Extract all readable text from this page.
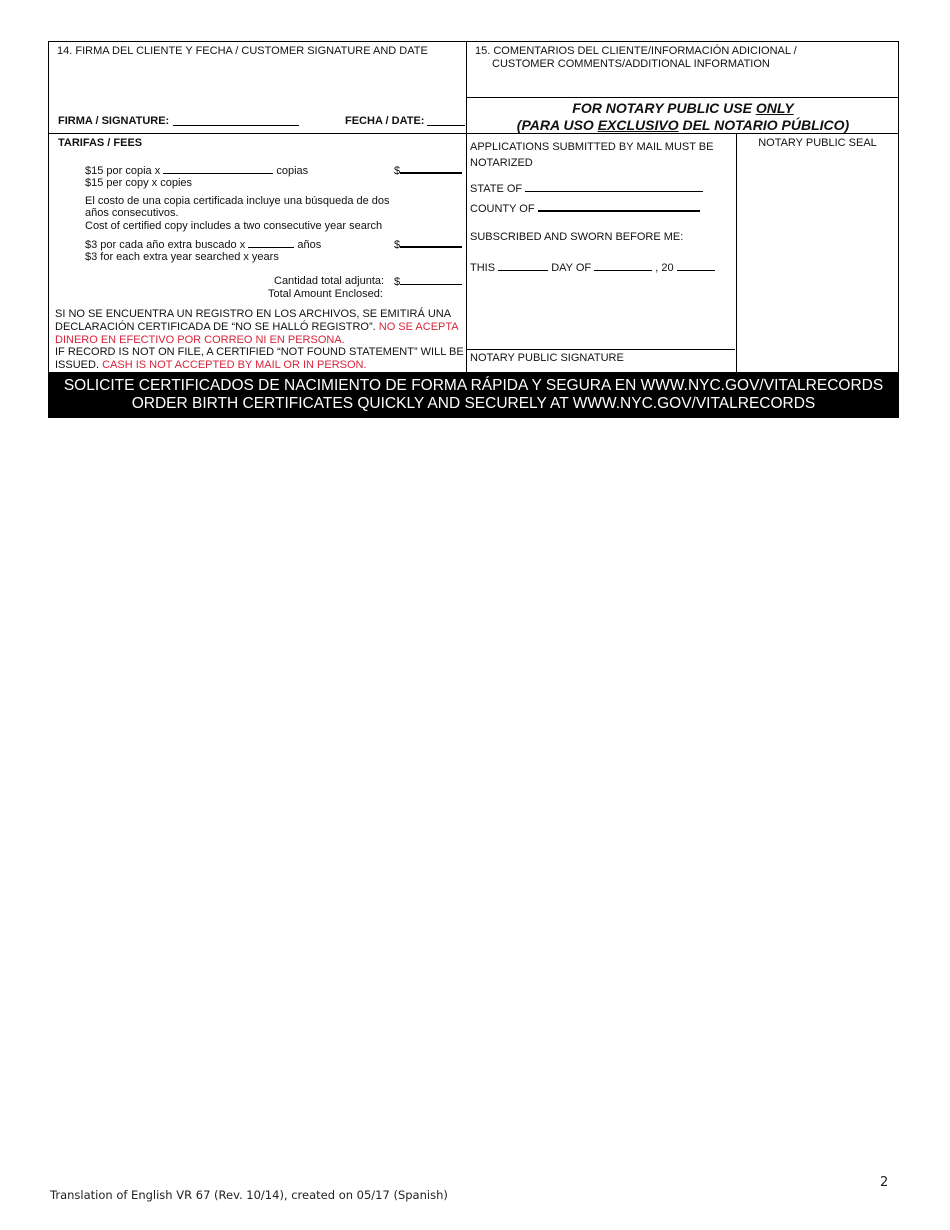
14. FIRMA DEL CLIENTE Y FECHA / CUSTOMER SIGNATURE AND DATE
FIRMA / SIGNATURE:	FECHA / DATE:
15. COMENTARIOS DEL CLIENTE/INFORMACIÓN ADICIONAL /
CUSTOMER COMMENTS/ADDITIONAL INFORMATION
FOR NOTARY PUBLIC USE ONLY
(PARA USO EXCLUSIVO DEL NOTARIO PÚBLICO)
TARIFAS / FEES
$15 por copia x	copias	$
$15 per copy x copies
El costo de una copia certificada incluye una búsqueda de dos
años consecutivos.
Cost of certified copy includes a two consecutive year search
$3 por cada año extra buscado x	años	$
$3 for each extra year searched x years
Cantidad total adjunta: $
Total Amount Enclosed:
SI NO SE ENCUENTRA UN REGISTRO EN LOS ARCHIVOS, SE EMITIRÁ UNA
DECLARACIÓN CERTIFICADA DE “NO SE HALLÓ REGISTRO”. NO SE ACEPTA
DINERO EN EFECTIVO POR CORREO NI EN PERSONA.
IF RECORD IS NOT ON FILE, A CERTIFIED “NOT FOUND STATEMENT” WILL BE
ISSUED. CASH IS NOT ACCEPTED BY MAIL OR IN PERSON.
APPLICATIONS SUBMITTED BY MAIL MUST BE
NOTARIZED
STATE OF
COUNTY OF
SUBSCRIBED AND SWORN BEFORE ME:
THIS	DAY OF	, 20
NOTARY PUBLIC SIGNATURE
NOTARY PUBLIC SEAL
SOLICITE CERTIFICADOS DE NACIMIENTO DE FORMA RÁPIDA Y SEGURA EN WWW.NYC.GOV/VITALRECORDS
ORDER BIRTH CERTIFICATES QUICKLY AND SECURELY AT WWW.NYC.GOV/VITALRECORDS
Translation of English VR 67 (Rev. 10/14), created on 05/17 (Spanish)
2
